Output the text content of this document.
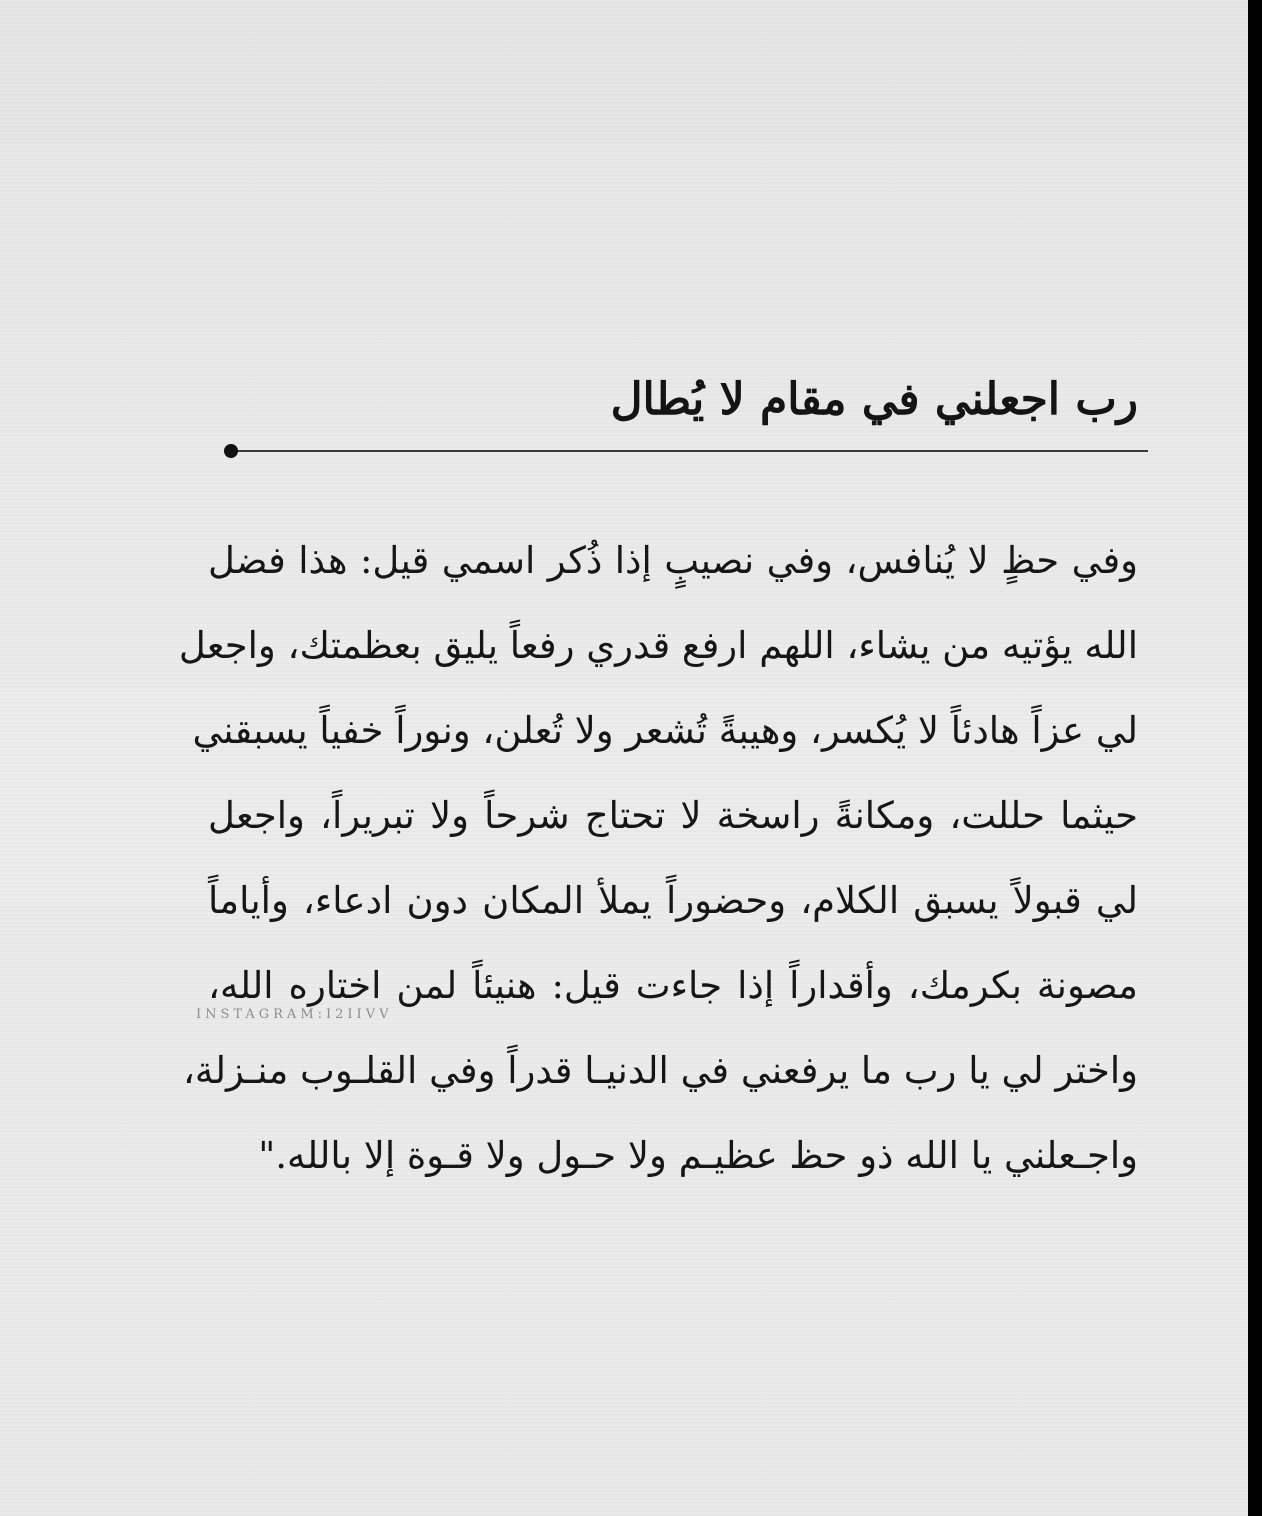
رب اجعلني في مقام لا يُطال
وفي حظٍ لا يُنافس، وفي نصيبٍ إذا ذُكر اسمي قيل: هذا فضل
الله يؤتيه من يشاء، اللهم ارفع قدري رفعاً يليق بعظمتك، واجعل
لي عزاً هادئاً لا يُكسر، وهيبةً تُشعر ولا تُعلن، ونوراً خفياً يسبقني
حيثما حللت، ومكانةً راسخة لا تحتاج شرحاً ولا تبريراً، واجعل
لي قبولاً يسبق الكلام، وحضوراً يملأ المكان دون ادعاء، وأياماً
مصونة بكرمك، وأقداراً إذا جاءت قيل: هنيئاً لمن اختاره الله،
واختر لي يا رب ما يرفعني في الدنيـا قدراً وفي القلـوب منـزلة،
واجـعلني يا الله ذو حظ عظيـم ولا حـول ولا قـوة إلا بالله."
INSTAGRAM:I2IIVV
